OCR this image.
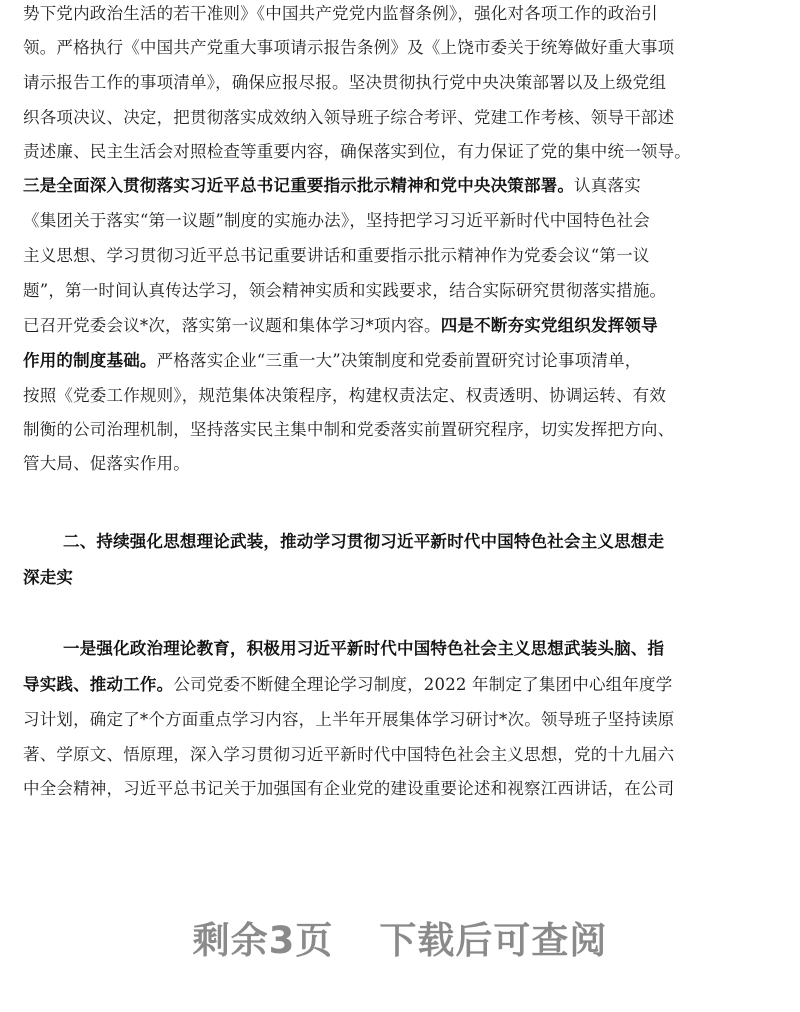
势下党内政治生活的若干准则》《中国共产党党内监督条例》，强化对各项工作的政治引
领。严格执行《中国共产党重大事项请示报告条例》及《上饶市委关于统筹做好重大事项
请示报告工作的事项清单》，确保应报尽报。坚决贯彻执行党中央决策部署以及上级党组
织各项决议、决定，把贯彻落实成效纳入领导班子综合考评、党建工作考核、领导干部述
责述廉、民主生活会对照检查等重要内容，确保落实到位，有力保证了党的集中统一领导。
三是全面深入贯彻落实习近平总书记重要指示批示精神和党中央决策部署。认真落实
《集团关于落实“第一议题”制度的实施办法》，坚持把学习习近平新时代中国特色社会
主义思想、学习贯彻习近平总书记重要讲话和重要指示批示精神作为党委会议“第一议
题”，第一时间认真传达学习，领会精神实质和实践要求，结合实际研究贯彻落实措施。
已召开党委会议*次，落实第一议题和集体学习*项内容。四是不断夯实党组织发挥领导
作用的制度基础。严格落实企业“三重一大”决策制度和党委前置研究讨论事项清单，
按照《党委工作规则》，规范集体决策程序，构建权责法定、权责透明、协调运转、有效
制衡的公司治理机制，坚持落实民主集中制和党委落实前置研究程序，切实发挥把方向、
管大局、促落实作用。
二、持续强化思想理论武装，推动学习贯彻习近平新时代中国特色社会主义思想走
深走实
一是强化政治理论教育，积极用习近平新时代中国特色社会主义思想武装头脑、指
导实践、推动工作。公司党委不断健全理论学习制度，2022 年制定了集团中心组年度学
习计划，确定了*个方面重点学习内容，上半年开展集体学习研讨*次。领导班子坚持读原
著、学原文、悟原理，深入学习贯彻习近平新时代中国特色社会主义思想，党的十九届六
中全会精神，习近平总书记关于加强国有企业党的建设重要论述和视察江西讲话，在公司
剩余3页 下载后可查阅
